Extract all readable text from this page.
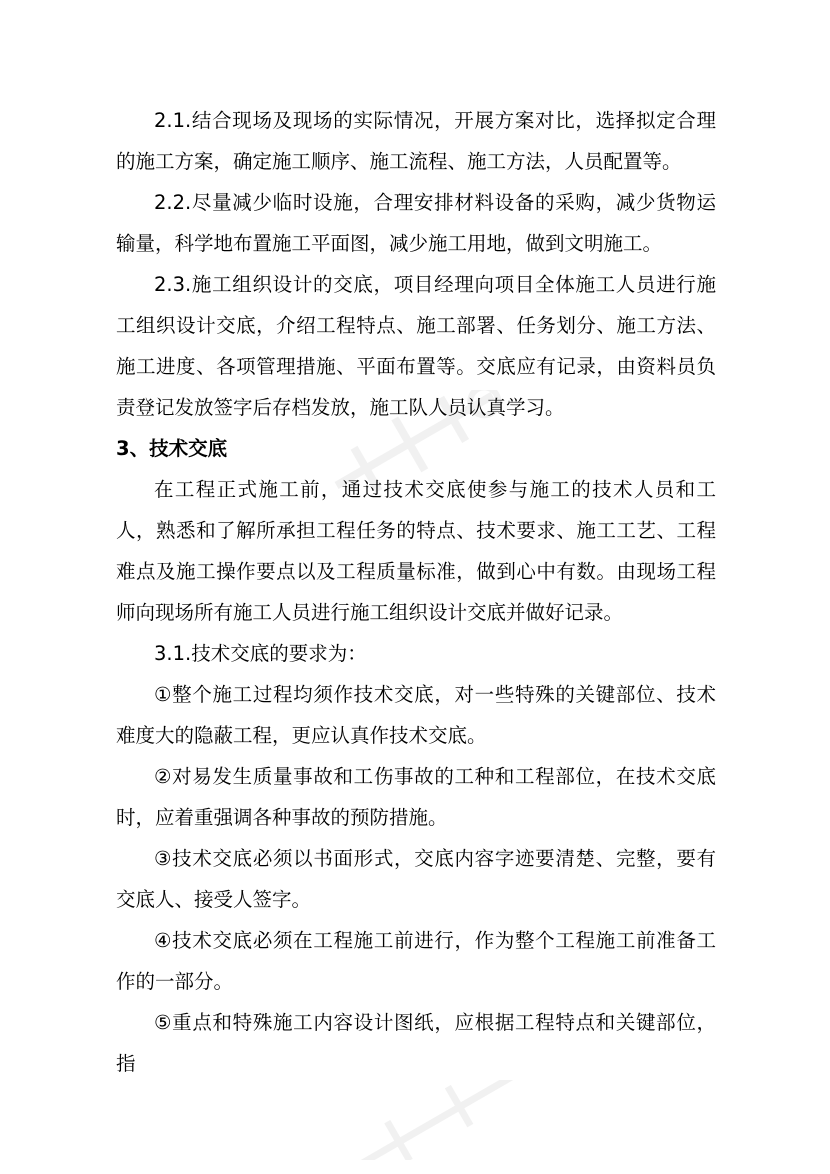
2.1.结合现场及现场的实际情况，开展方案对比，选择拟定合理的施工方案，确定施工顺序、施工流程、施工方法，人员配置等。

2.2.尽量减少临时设施，合理安排材料设备的采购，减少货物运输量，科学地布置施工平面图，减少施工用地，做到文明施工。

2.3.施工组织设计的交底，项目经理向项目全体施工人员进行施工组织设计交底，介绍工程特点、施工部署、任务划分、施工方法、施工进度、各项管理措施、平面布置等。交底应有记录，由资料员负责登记发放签字后存档发放，施工队人员认真学习。

3、技术交底

在工程正式施工前，通过技术交底使参与施工的技术人员和工人，熟悉和了解所承担工程任务的特点、技术要求、施工工艺、工程难点及施工操作要点以及工程质量标准，做到心中有数。由现场工程师向现场所有施工人员进行施工组织设计交底并做好记录。

3.1.技术交底的要求为：

①整个施工过程均须作技术交底，对一些特殊的关键部位、技术难度大的隐蔽工程，更应认真作技术交底。

②对易发生质量事故和工伤事故的工种和工程部位，在技术交底时，应着重强调各种事故的预防措施。

③技术交底必须以书面形式，交底内容字迹要清楚、完整，要有交底人、接受人签字。

④技术交底必须在工程施工前进行，作为整个工程施工前准备工作的一部分。

⑤重点和特殊施工内容设计图纸，应根据工程特点和关键部位，指
